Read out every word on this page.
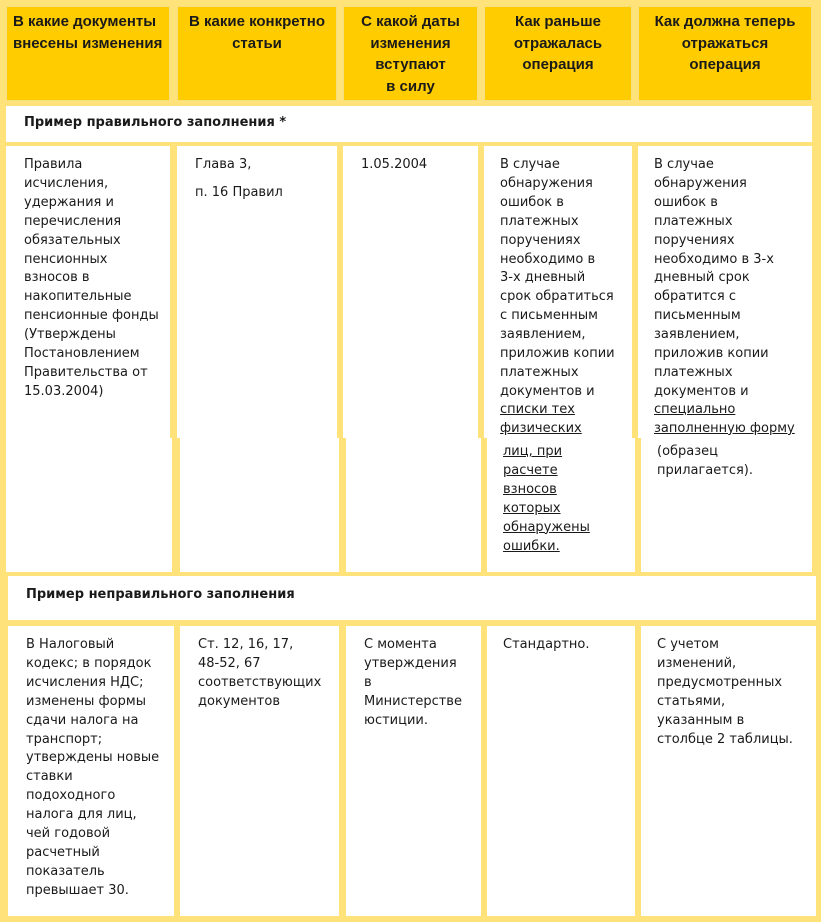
В какие документы
внесены изменения
В какие конкретно
статьи
С какой даты
изменения
вступают
в силу
Как раньше
отражалась
операция
Как должна теперь
отражаться
операция
Пример правильного заполнения *
Правила
исчисления,
удержания и
перечисления
обязательных
пенсионных
взносов в
накопительные
пенсионные фонды
(Утверждены
Постановлением
Правительства от
15.03.2004)
Глава 3,
п. 16 Правил
1.05.2004	В случае
обнаружения
ошибок в
платежных
поручениях
необходимо в
3-х дневный
срок обратиться
с письменным
заявлением,
приложив копии
платежных
документов и
списки тех
физических
В случае
обнаружения
ошибок в
платежных
поручениях
необходимо в 3-х
дневный срок
обратится с
письменным
заявлением,
приложив копии
платежных
документов и
специально
заполненную форму
лиц, при
расчете
взносов
которых
обнаружены
ошибки.
(образец
прилагается).
Пример неправильного заполнения
В Налоговый
кодекс; в порядок
исчисления НДС;
изменены формы
сдачи налога на
транспорт;
утверждены новые
ставки
подоходного
налога для лиц,
чей годовой
расчетный
показатель
превышает 30.
Ст. 12, 16, 17,
48-52, 67
соответствующих
документов
С момента
утверждения
в
Министерстве
юстиции.
Стандартно.	С учетом
изменений,
предусмотренных
статьями,
указанным в
столбце 2 таблицы.
